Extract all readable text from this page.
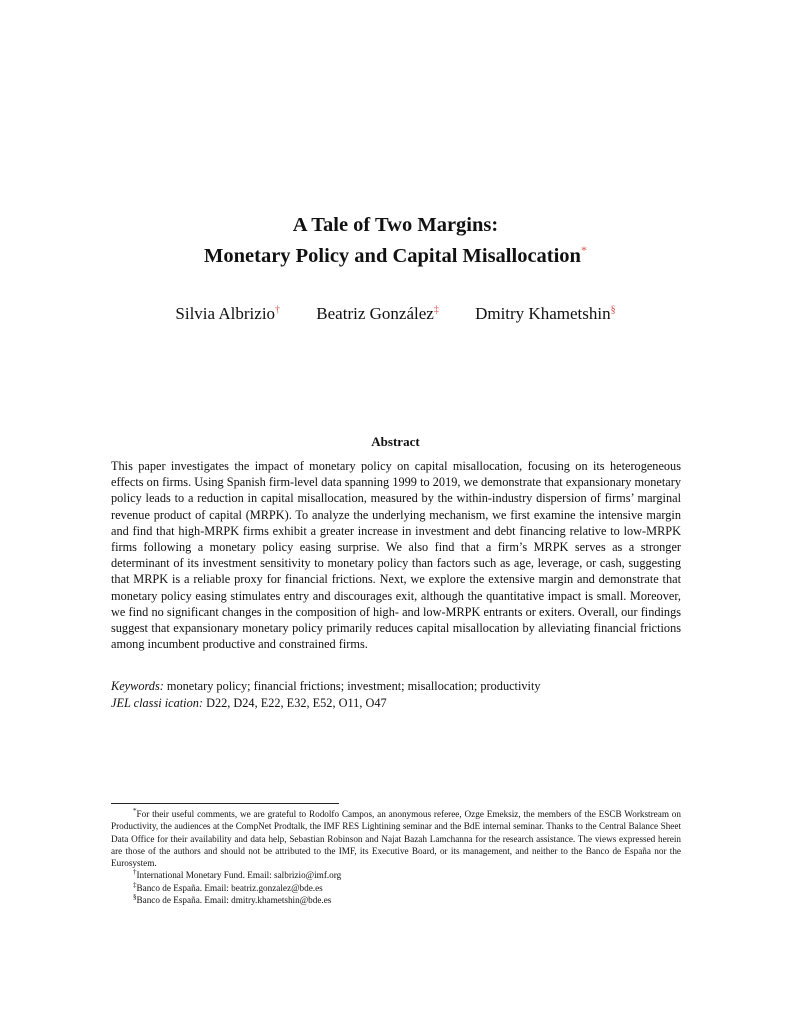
A Tale of Two Margins:
Monetary Policy and Capital Misallocation*
Silvia Albrizio† Beatriz González‡ Dmitry Khametshin§
Abstract

This paper investigates the impact of monetary policy on capital misallocation, focusing on its heterogeneous effects on firms. Using Spanish firm-level data spanning 1999 to 2019, we demonstrate that expansionary monetary policy leads to a reduction in capital misallocation, measured by the within-industry dispersion of firms’ marginal revenue product of capital (MRPK). To analyze the underlying mechanism, we first examine the intensive margin and find that high-MRPK firms exhibit a greater increase in investment and debt financing relative to low-MRPK firms following a monetary policy easing surprise. We also find that a firm’s MRPK serves as a stronger determinant of its investment sensitivity to monetary policy than factors such as age, leverage, or cash, suggesting that MRPK is a reliable proxy for financial frictions. Next, we explore the extensive margin and demonstrate that monetary policy easing stimulates entry and discourages exit, although the quantitative impact is small. Moreover, we find no significant changes in the composition of high- and low-MRPK entrants or exiters. Overall, our findings suggest that expansionary monetary policy primarily reduces capital misallocation by alleviating financial frictions among incumbent productive and constrained firms.

Keywords: monetary policy; financial frictions; investment; misallocation; productivity
JEL classi ication: D22, D24, E22, E32, E52, O11, O47

*For their useful comments, we are grateful to Rodolfo Campos, an anonymous referee, Ozge Emeksiz, the members of the ESCB Workstream on Productivity, the audiences at the CompNet Prodtalk, the IMF RES Lightining seminar and the BdE internal seminar. Thanks to the Central Balance Sheet Data Office for their availability and data help, Sebastian Robinson and Najat Bazah Lamchanna for the research assistance. The views expressed herein are those of the authors and should not be attributed to the IMF, its Executive Board, or its management, and neither to the Banco de España nor the Eurosystem.

†International Monetary Fund. Email: salbrizio@imf.org

‡Banco de España. Email: beatriz.gonzalez@bde.es

§Banco de España. Email: dmitry.khametshin@bde.es
